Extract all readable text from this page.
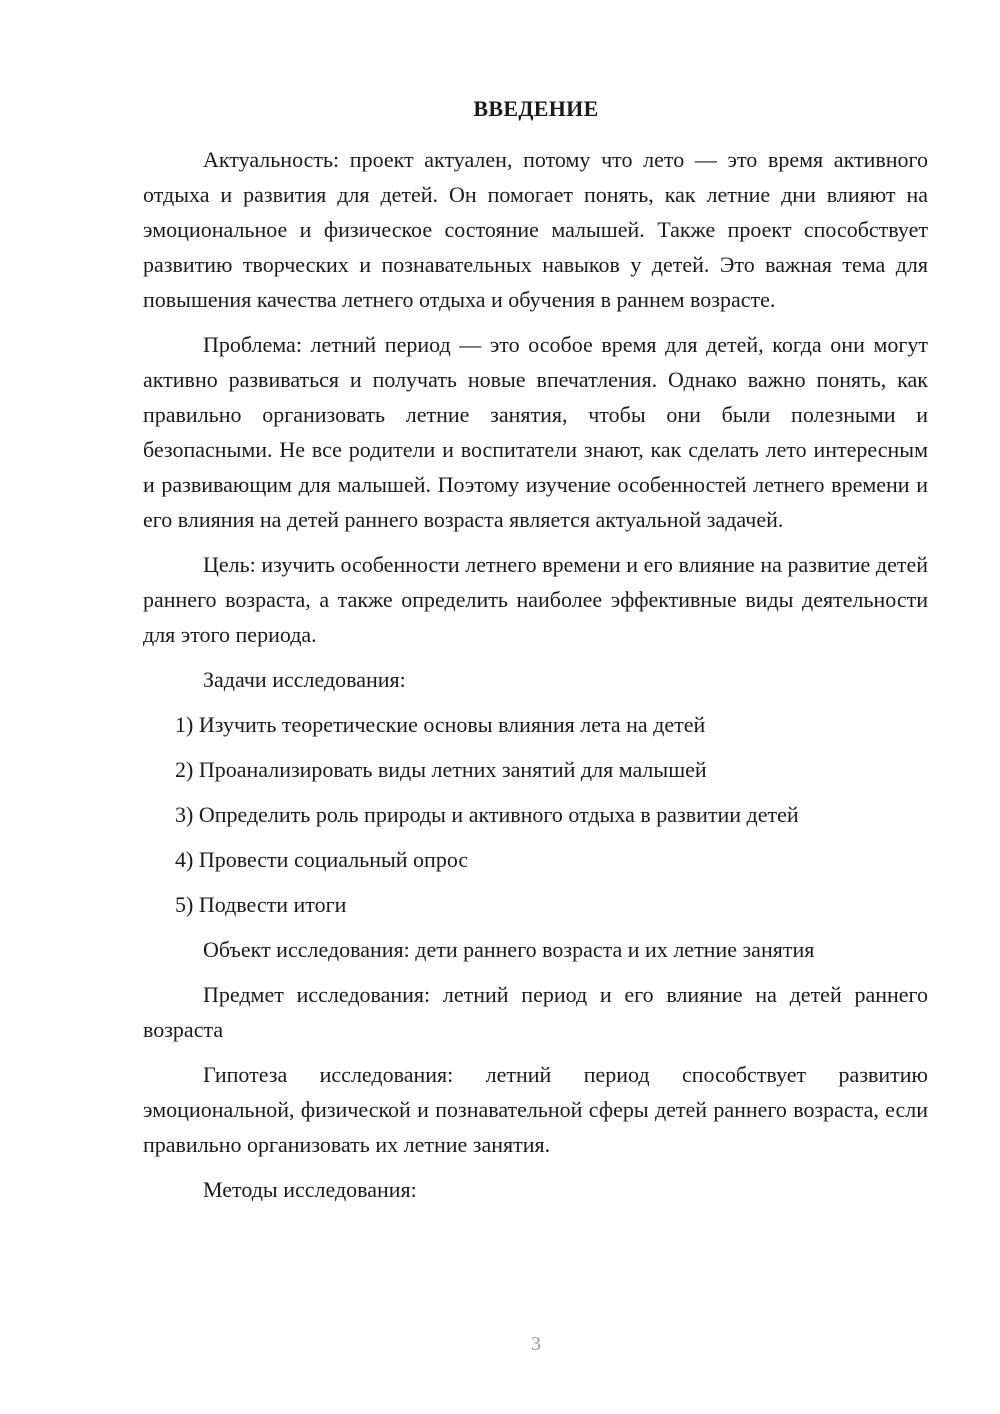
ВВЕДЕНИЕ

Актуальность: проект актуален, потому что лето — это время активного отдыха и развития для детей. Он помогает понять, как летние дни влияют на эмоциональное и физическое состояние малышей. Также проект способствует развитию творческих и познавательных навыков у детей. Это важная тема для повышения качества летнего отдыха и обучения в раннем возрасте.

Проблема: летний период — это особое время для детей, когда они могут активно развиваться и получать новые впечатления. Однако важно понять, как правильно организовать летние занятия, чтобы они были полезными и безопасными. Не все родители и воспитатели знают, как сделать лето интересным и развивающим для малышей. Поэтому изучение особенностей летнего времени и его влияния на детей раннего возраста является актуальной задачей.

Цель: изучить особенности летнего времени и его влияние на развитие детей раннего возраста, а также определить наиболее эффективные виды деятельности для этого периода.

Задачи исследования:

1) Изучить теоретические основы влияния лета на детей
2) Проанализировать виды летних занятий для малышей
3) Определить роль природы и активного отдыха в развитии детей
4) Провести социальный опрос
5) Подвести итоги

Объект исследования: дети раннего возраста и их летние занятия

Предмет исследования: летний период и его влияние на детей раннего возраста

Гипотеза исследования: летний период способствует развитию эмоциональной, физической и познавательной сферы детей раннего возраста, если правильно организовать их летние занятия.

Методы исследования:

3
